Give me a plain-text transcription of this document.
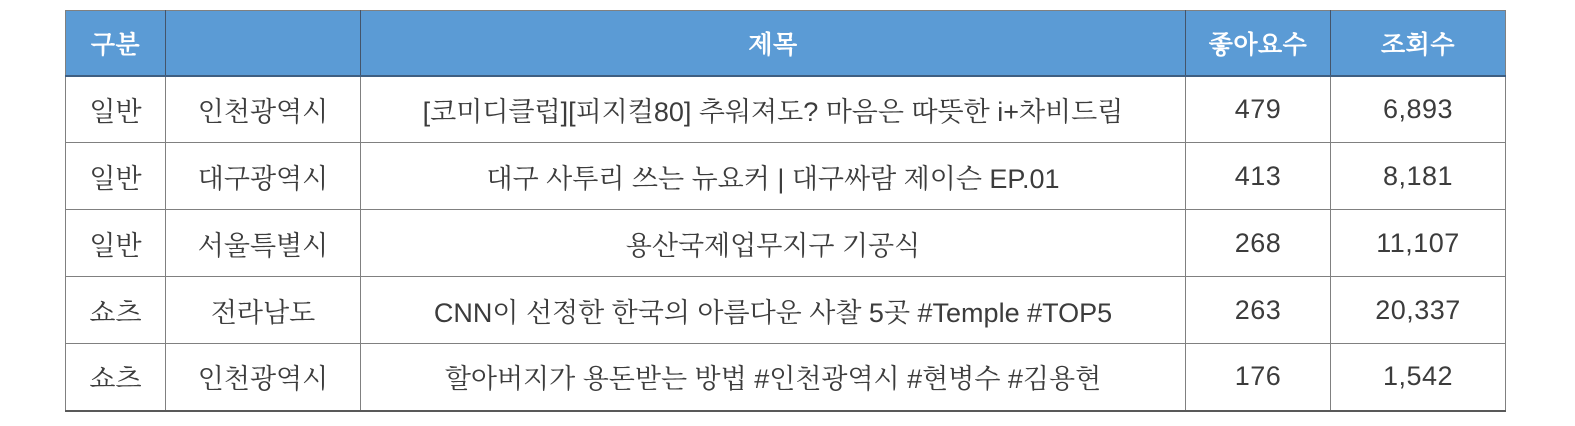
구분		제목	좋아요수	조회수
일반	인천광역시	[코미디클럽][피지컬80] 추워져도? 마음은 따뜻한 i+차비드림	479	6,893
일반	대구광역시	대구 사투리 쓰는 뉴요커 | 대구싸람 제이슨 EP.01	413	8,181
일반	서울특별시	용산국제업무지구 기공식	268	11,107
쇼츠	전라남도	CNN이 선정한 한국의 아름다운 사찰 5곳 #Temple #TOP5	263	20,337
쇼츠	인천광역시	할아버지가 용돈받는 방법 #인천광역시 #현병수 #김용현	176	1,542
